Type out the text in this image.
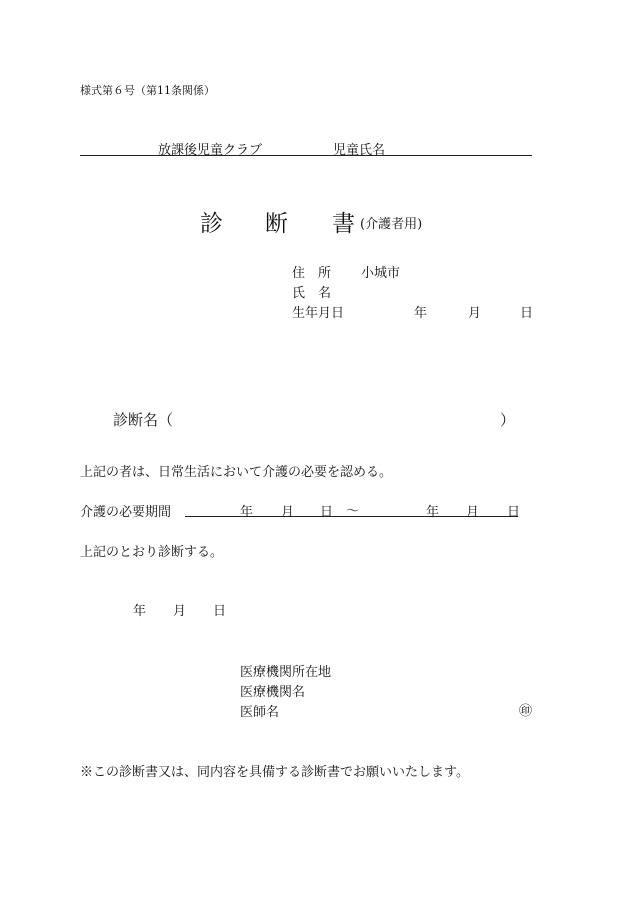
様式第６号（第11条関係）
放課後児童クラブ	児童氏名
診 断 書 (介護者用)
住　所 小城市
氏　名
生年月日	年	月	日
診断名（	）
上記の者は、日常生活において介護の必要を認める。
介護の必要期間	年 月 日 ～	年 月 日
上記のとおり診断する。
年 月 日
医療機関所在地
医療機関名
医師名	㊞
※この診断書又は、同内容を具備する診断書でお願いいたします。
